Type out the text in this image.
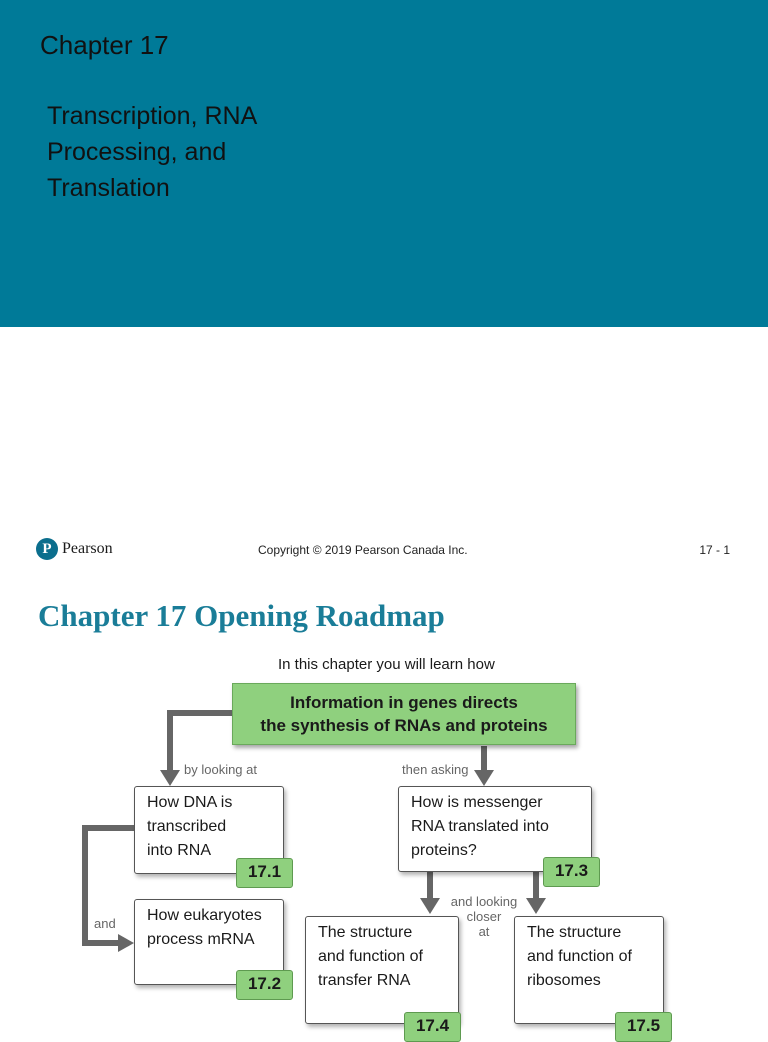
Chapter 17
Transcription, RNA
Processing, and
Translation
P Pearson	Copyright © 2019 Pearson Canada Inc.	17 - 1
Chapter 17 Opening Roadmap
In this chapter you will learn how
Information in genes directs
the synthesis of RNAs and proteins
by looking at	then asking
and
and looking
closer
at
How DNA is
transcribed
into RNA
17.1
How eukaryotes
process mRNA
17.2
How is messenger
RNA translated into
proteins?
17.3
The structure
and function of
transfer RNA
17.4
The structure
and function of
ribosomes
17.5
